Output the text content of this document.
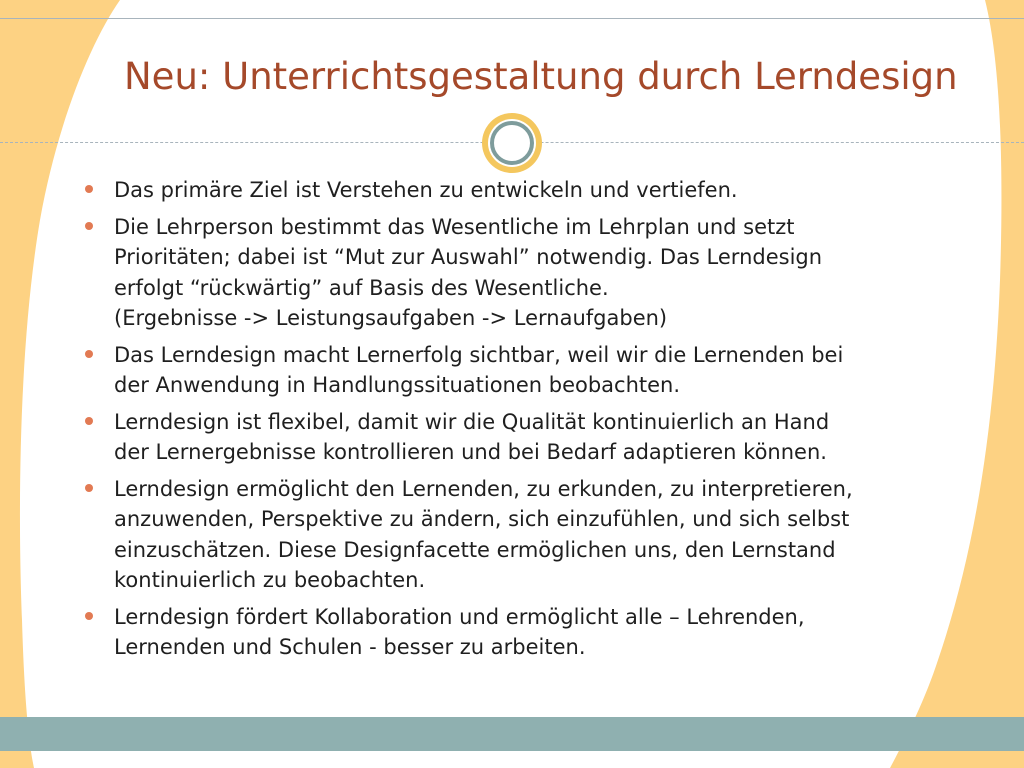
Neu: Unterrichtsgestaltung durch Lerndesign
Das primäre Ziel ist Verstehen zu entwickeln und vertiefen.
Die Lehrperson bestimmt das Wesentliche im Lehrplan und setzt
Prioritäten; dabei ist “Mut zur Auswahl” notwendig. Das Lerndesign
erfolgt “rückwärtig” auf Basis des Wesentliche.
(Ergebnisse -> Leistungsaufgaben -> Lernaufgaben)
Das Lerndesign macht Lernerfolg sichtbar, weil wir die Lernenden bei
der Anwendung in Handlungssituationen beobachten.
Lerndesign ist flexibel, damit wir die Qualität kontinuierlich an Hand
der Lernergebnisse kontrollieren und bei Bedarf adaptieren können.
Lerndesign ermöglicht den Lernenden, zu erkunden, zu interpretieren,
anzuwenden, Perspektive zu ändern, sich einzufühlen, und sich selbst
einzuschätzen. Diese Designfacette ermöglichen uns, den Lernstand
kontinuierlich zu beobachten.
Lerndesign fördert Kollaboration und ermöglicht alle – Lehrenden,
Lernenden und Schulen - besser zu arbeiten.
